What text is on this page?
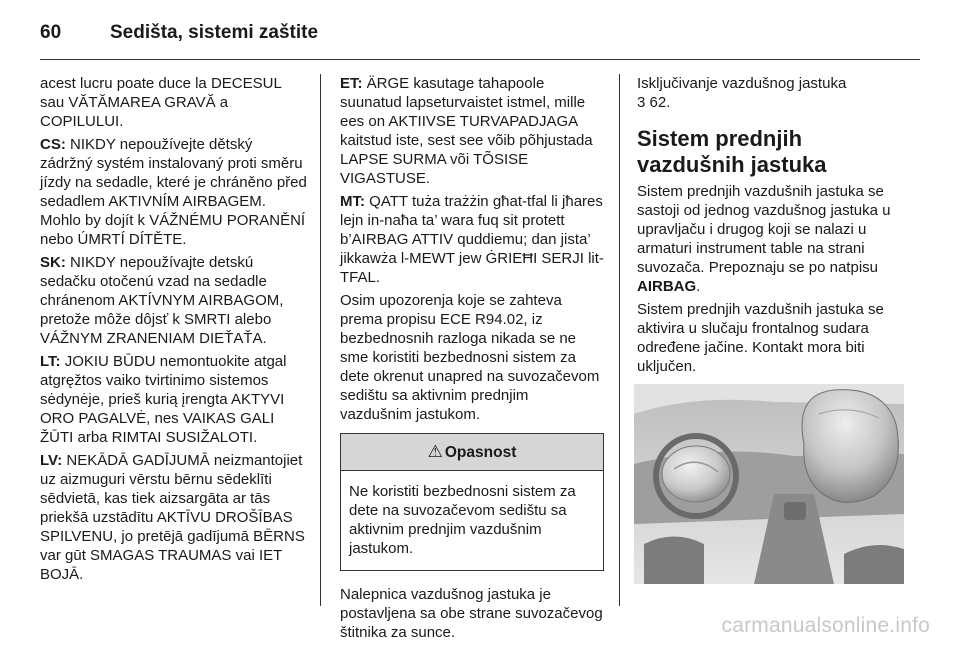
60	Sedišta, sistemi zaštite

acest lucru poate duce la DECESUL sau VĂTĂMAREA GRAVĂ a COPILULUI.

CS: NIKDY nepoužívejte dětský zádržný systém instalovaný proti směru jízdy na sedadle, které je chráněno před sedadlem AKTIVNÍM AIRBAGEM. Mohlo by dojít k VÁŽNÉMU PORANĚNÍ nebo ÚMRTÍ DÍTĚTE.

SK: NIKDY nepoužívajte detskú sedačku otočenú vzad na sedadle chránenom AKTÍVNYM AIRBAGOM, pretože môže dôjsť k SMRTI alebo VÁŽNYM ZRANENIAM DIEŤAŤA.

LT: JOKIU BŪDU nemontuokite atgal atgręžtos vaiko tvirtinimo sistemos sėdynėje, prieš kurią įrengta AKTYVI ORO PAGALVĖ, nes VAIKAS GALI ŽŪTI arba RIMTAI SUSIŽALOTI.

LV: NEKĀDĀ GADĪJUMĀ neizmantojiet uz aizmuguri vērstu bērnu sēdeklīti sēdvietā, kas tiek aizsargāta ar tās priekšā uzstādītu AKTĪVU DROŠĪBAS SPILVENU, jo pretējā gadījumā BĒRNS var gūt SMAGAS TRAUMAS vai IET BOJĀ.

ET: ÄRGE kasutage tahapoole suunatud lapseturvaistet istmel, mille ees on AKTIIVSE TURVAPADJAGA kaitstud iste, sest see võib põhjustada LAPSE SURMA või TÕSISE VIGASTUSE.

MT: QATT tuża trażżin għat-tfal li jħares lejn in-naħa ta’ wara fuq sit protett b’AIRBAG ATTIV quddiemu; dan jista’ jikkawża l-MEWT jew ĠRIEĦI SERJI lit-TFAL.

Osim upozorenja koje se zahteva prema propisu ECE R94.02, iz bezbednosnih razloga nikada se ne sme koristiti bezbednosni sistem za dete okrenut unapred na suvozačevom sedištu sa aktivnim prednjim vazdušnim jastukom.

⚠ Opasnost
Ne koristiti bezbednosni sistem za dete na suvozačevom sedištu sa aktivnim prednjim vazdušnim jastukom.

Nalepnica vazdušnog jastuka je postavljena sa obe strane suvozačevog štitnika za sunce.

Isključivanje vazdušnog jastuka

3 62.

Sistem prednjih vazdušnih jastuka

Sistem prednjih vazdušnih jastuka se sastoji od jednog vazdušnog jastuka u upravljaču i drugog koji se nalazi u armaturi instrument table na strani suvozača. Prepoznaju se po natpisu AIRBAG.

Sistem prednjih vazdušnih jastuka se aktivira u slučaju frontalnog sudara određene jačine. Kontakt mora biti uključen.

carmanualsonline.info
